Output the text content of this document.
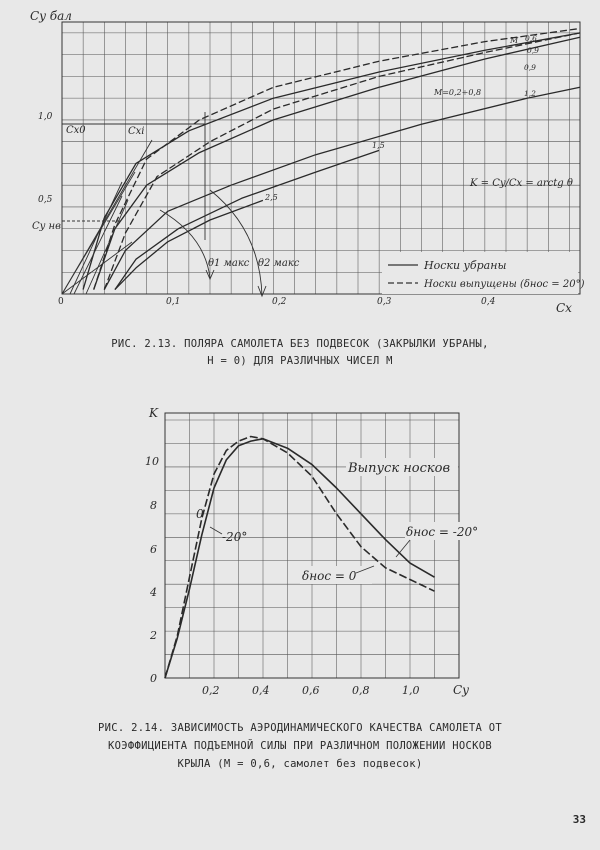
1,0
0,5
0	0,1	0,2	0,3	0,4
Cy бал
Cx
M 0,6
0,9
0,9
1,2
1,5
2,5
M=0,2÷0,8
Cx0	Cxi
Cy нв
K = Cy/Cx = arctg θ
θ1 макс θ2 макс	Носки убраны
Носки выпущены (δнос = 20°)
0
2
4
6
8
10
0,2	0,4	0,6	0,8	1,0
K
Cy
Выпуск носков
0
-20°	δнос = -20°
δнос = 0
РИС. 2.13. ПОЛЯРА САМОЛЕТА БЕЗ ПОДВЕСОК (ЗАКРЫЛКИ УБРАНЫ,
H = 0) ДЛЯ РАЗЛИЧНЫХ ЧИСЕЛ M
РИС. 2.14. ЗАВИСИМОСТЬ АЭРОДИНАМИЧЕСКОГО КАЧЕСТВА САМОЛЕТА ОТ
КОЭФФИЦИЕНТА ПОДЪЕМНОЙ СИЛЫ ПРИ РАЗЛИЧНОМ ПОЛОЖЕНИИ НОСКОВ
КРЫЛА (M = 0,6, самолет без подвесок)
33
